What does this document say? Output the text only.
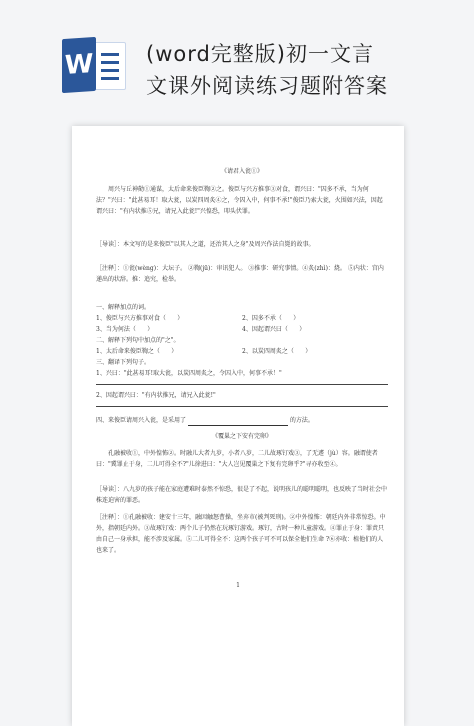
W	(word完整版)初一文言
文课外阅读练习题附答案
《请君入瓮①》
周兴与丘神勣①通谋，太后命来俊臣鞫②之。俊臣与兴方推事③对食，谓兴曰："囚多不承，当为何法？"兴曰："此甚易耳！取大瓮，以炭四周炙④之，令囚入中，何事不承!"俊臣乃索大瓮，火围如兴法，因起谓兴曰："有内状推⑤兄，请兄入此瓮!"兴惶恐，叩头伏罪。
［导读］：本文写的是来俊臣"以其人之道，还治其人之身"及周兴作法自毙的故事。
［注释］：①瓮(wèng)：大坛子。 ②鞫(jū)：审讯犯人。 ③推事：研究事情。④炙(zhì)：烧。 ⑤内状：宫内递出的状辞。推：追究，检举。
一、解释加点的词。
1、俊臣与兴方推事对食（      ）	2、囚多不承（      ）
3、当为何法（      ）	4、因起谓兴曰（      ）
二、解释下列句中加点的"之"。
1、太后命来俊臣鞫之（      ）	2、以炭四周炙之（      ）
三、翻译下列句子。
1、兴曰："此甚易耳!取大瓮，以炭四周炙之，令囚入中，何事不承！"
2、因起谓兴曰："有内状推兄，请兄入此瓮!"
四、来俊臣请周兴入瓮，是采用了	的方法。
《覆巢之下安有完卵》
孔融被收①，中外惶怖②。时融儿大者九岁，小者八岁，二儿故琢钉戏③，了无遽（jù）容。融谓使者曰："冀罪止于身，二儿可得全不?"儿徐进曰："大人岂见覆巢之下复有完卵乎?"寻亦收至④。
［导读］：八九岁的孩子能在家庭遭难时泰然不惊恐，很是了不起，说明孩儿的聪明聪明，也反映了当时社会中株连迫害的罪恶。
［注释］：①孔融被收：建安十三年，融因触怒曹操，坐弃市(被判死刑)。②中外惶怖：朝廷内外非常惊恐。中外，指朝廷内外。③故琢钉戏：两个儿子仍然在玩琢钉游戏。琢钉，古时一种儿童游戏。④罪止于身：罪责只由自己一身承担，能不涉及家属。⑤二儿可得全不：这两个孩子可不可以保全他们生命 ?⑥亦收：植他们的人也来了。
1
